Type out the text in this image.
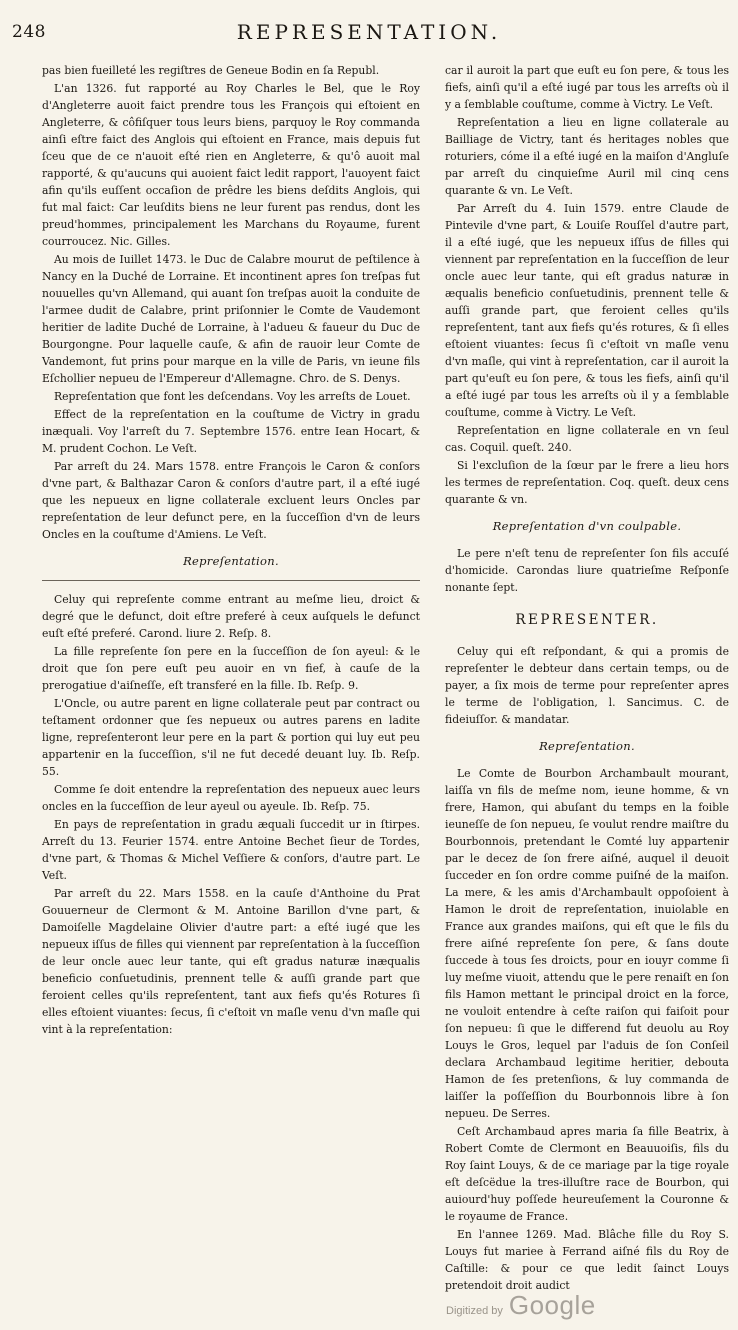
248	REPRESENTATION.

pas bien fueilleté les regiſtres de Geneue Bodin en ſa Republ.

L'an 1326. fut rapporté au Roy Charles le Bel, que le Roy d'Angleterre auoit faict prendre tous les François qui eſtoient en Angleterre, & côfiſquer tous leurs biens, parquoy le Roy commanda ainſi eſtre faict des Anglois qui eſtoient en France, mais depuis fut ſceu que de ce n'auoit eſté rien en Angleterre, & qu'ô auoit mal rapporté, & qu'aucuns qui auoient faict ledit rapport, l'auoyent faict afin qu'ils euſſent occaſion de prêdre les biens deſdits Anglois, qui fut mal faict: Car leuſdits biens ne leur furent pas rendus, dont les preud'hommes, principalement les Marchans du Royaume, furent courroucez. Nic. Gilles.

Au mois de Iuillet 1473. le Duc de Calabre mourut de peſtilence à Nancy en la Duché de Lorraine. Et incontinent apres ſon treſpas fut nouuelles qu'vn Allemand, qui auant ſon treſpas auoit la conduite de l'armee dudit de Calabre, print priſonnier le Comte de Vaudemont heritier de ladite Duché de Lorraine, à l'adueu & faueur du Duc de Bourgongne. Pour laquelle cauſe, & afin de rauoir leur Comte de Vandemont, fut prins pour marque en la ville de Paris, vn ieune fils Eſchollier nepueu de l'Empereur d'Allemagne. Chro. de S. Denys.

Repreſentation que font les deſcendans. Voy les arreſts de Louet.

Effect de la repreſentation en la couſtume de Victry in gradu inæquali. Voy l'arreſt du 7. Septembre 1576. entre Iean Hocart, & M. prudent Cochon. Le Veſt.

Par arreſt du 24. Mars 1578. entre François le Caron & conſors d'vne part, & Balthazar Caron & conſors d'autre part, il a eſté iugé que les nepueux en ligne collaterale excluent leurs Oncles par repreſentation de leur defunct pere, en la ſucceſſion d'vn de leurs Oncles en la couſtume d'Amiens. Le Veſt.

Repreſentation.

Celuy qui repreſente comme entrant au meſme lieu, droict & degré que le defunct, doit eſtre preferé à ceux auſquels le defunct euſt eſté preferé. Carond. liure 2. Reſp. 8.

La fille repreſente ſon pere en la ſucceſſion de ſon ayeul: & le droit que ſon pere euſt peu auoir en vn fief, à cauſe de la prerogatiue d'aiſneſſe, eſt transferé en la fille. Ib. Reſp. 9.

L'Oncle, ou autre parent en ligne collaterale peut par contract ou teſtament ordonner que ſes nepueux ou autres parens en ladite ligne, repreſenteront leur pere en la part & portion qui luy eut peu appartenir en la ſucceſſion, s'il ne fut decedé deuant luy. Ib. Reſp. 55.

Comme ſe doit entendre la repreſentation des nepueux auec leurs oncles en la ſucceſſion de leur ayeul ou ayeule. Ib. Reſp. 75.

En pays de repreſentation in gradu æquali ſuccedit ur in ſtirpes. Arreſt du 13. Feurier 1574. entre Antoine Bechet ſieur de Tordes, d'vne part, & Thomas & Michel Veſſiere & conſors, d'autre part. Le Veſt.

Par arreſt du 22. Mars 1558. en la cauſe d'Anthoine du Prat Gouuerneur de Clermont & M. Antoine Barillon d'vne part, & Damoiſelle Magdelaine Olivier d'autre part: a eſté iugé que les nepueux iſſus de filles qui viennent par repreſentation à la ſucceſſion de leur oncle auec leur tante, qui eſt gradus naturæ inæqualis beneficio conſuetudinis, prennent telle & auſſi grande part que feroient celles qu'ils repreſentent, tant aux fiefs qu'és Rotures ſi elles eſtoient viuantes: ſecus, ſi c'eſtoit vn maſle venu d'vn maſle qui vint à la repreſentation:

car il auroit la part que euſt eu ſon pere, & tous les fiefs, ainſi qu'il a eſté iugé par tous les arreſts où il y a ſemblable couſtume, comme à Victry. Le Veſt.

Repreſentation a lieu en ligne collaterale au Bailliage de Victry, tant és heritages nobles que roturiers, cóme il a eſté iugé en la maiſon d'Angluſe par arreſt du cinquieſme Auril mil cinq cens quarante & vn. Le Veſt.

Par Arreſt du 4. Iuin 1579. entre Claude de Pintevile d'vne part, & Louiſe Rouſſel d'autre part, il a eſté iugé, que les nepueux iſſus de filles qui viennent par repreſentation en la ſucceſſion de leur oncle auec leur tante, qui eſt gradus naturæ in æqualis beneficio conſuetudinis, prennent telle & auſſi grande part, que feroient celles qu'ils repreſentent, tant aux fiefs qu'és rotures, & ſi elles eſtoient viuantes: ſecus ſi c'eſtoit vn maſle venu d'vn maſle, qui vint à repreſentation, car il auroit la part qu'euſt eu ſon pere, & tous les fiefs, ainſi qu'il a eſté iugé par tous les arreſts où il y a ſemblable couſtume, comme à Victry. Le Veſt.

Repreſentation en ligne collaterale en vn ſeul cas. Coquil. queſt. 240.

Si l'excluſion de la ſœur par le frere a lieu hors les termes de repreſentation. Coq. queſt. deux cens quarante & vn.

Repreſentation d'vn coulpable.

Le pere n'eſt tenu de repreſenter ſon fils accuſé d'homicide. Carondas liure quatrieſme Reſponſe nonante ſept.

REPRESENTER.

Celuy qui eſt reſpondant, & qui a promis de repreſenter le debteur dans certain temps, ou de payer, a ſix mois de terme pour repreſenter apres le terme de l'obligation, l. Sancimus. C. de fideiuſſor. & mandatar.

Repreſentation.

Le Comte de Bourbon Archambault mourant, laiſſa vn fils de meſme nom, ieune homme, & vn frere, Hamon, qui abuſant du temps en la foible ieuneſſe de ſon nepueu, ſe voulut rendre maiſtre du Bourbonnois, pretendant le Comté luy appartenir par le decez de ſon frere aiſné, auquel il deuoit ſucceder en ſon ordre comme puiſné de la maiſon. La mere, & les amis d'Archambault oppoſoient à Hamon le droit de repreſentation, inuiolable en France aux grandes maiſons, qui eſt que le fils du frere aiſné repreſente ſon pere, & ſans doute ſuccede à tous ſes droicts, pour en iouyr comme ſi luy meſme viuoit, attendu que le pere renaiſt en ſon fils Hamon mettant le principal droict en la force, ne vouloit entendre à ceſte raiſon qui faiſoit pour ſon nepueu: ſi que le differend fut deuolu au Roy Louys le Gros, lequel par l'aduis de ſon Conſeil declara Archambaud legitime heritier, debouta Hamon de ſes pretenſions, & luy commanda de laiſſer la poſſeſſion du Bourbonnois libre à ſon nepueu. De Serres.

Ceſt Archambaud apres maria ſa fille Beatrix, à Robert Comte de Clermont en Beauuoiſis, fils du Roy ſaint Louys, & de ce mariage par la tige royale eſt deſcëdue la tres-illuſtre race de Bourbon, qui auiourd'huy poſſede heureuſement la Couronne & le royaume de France.

En l'annee 1269. Mad. Blâche fille du Roy S. Louys fut mariee à Ferrand aiſné fils du Roy de Caſtille: & pour ce que ledit ſainct Louys pretendoit droit audict

Digitized by Google
